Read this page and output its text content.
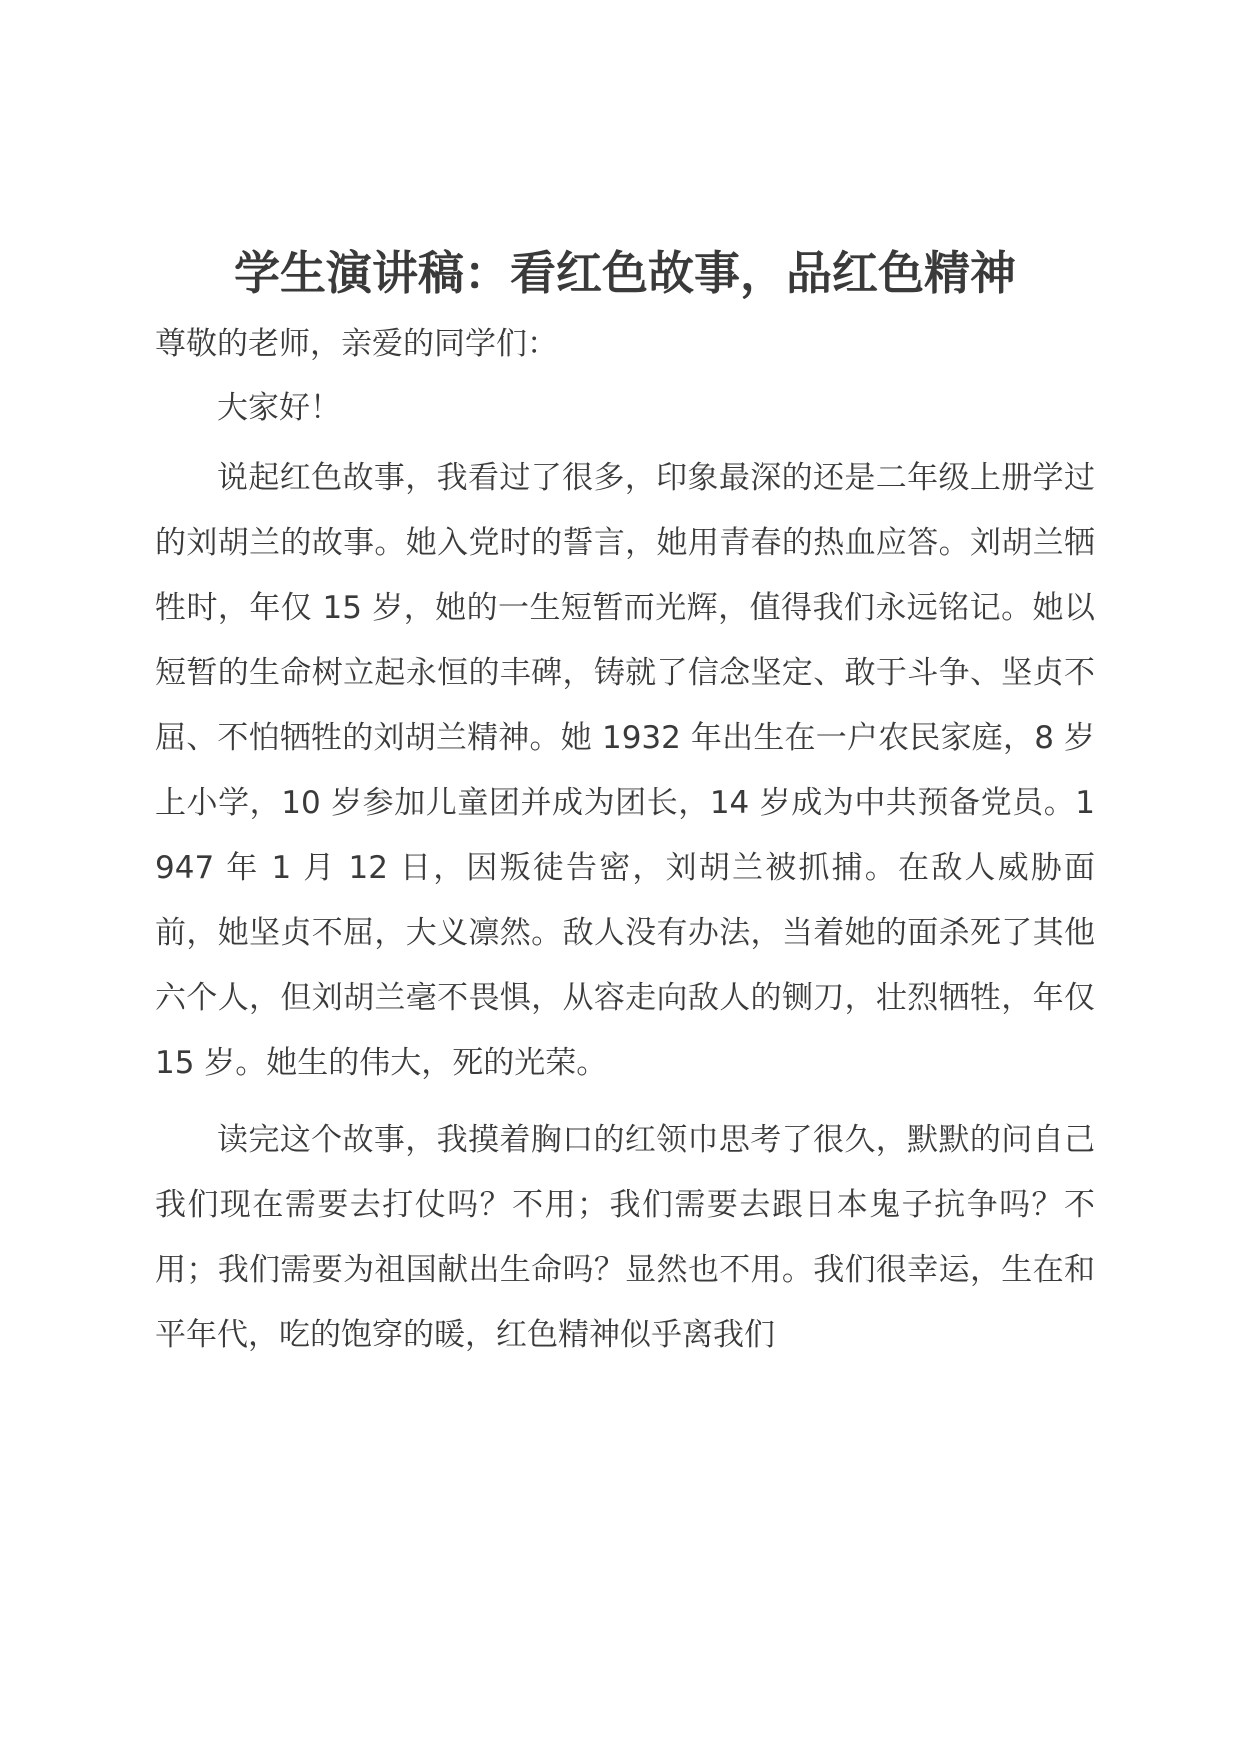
学生演讲稿：看红色故事，品红色精神

尊敬的老师，亲爱的同学们：

大家好！

说起红色故事，我看过了很多，印象最深的还是二年级上册学过的刘胡兰的故事。她入党时的誓言，她用青春的热血应答。刘胡兰牺牲时，年仅 15 岁，她的一生短暂而光辉，值得我们永远铭记。她以短暂的生命树立起永恒的丰碑，铸就了信念坚定、敢于斗争、坚贞不屈、不怕牺牲的刘胡兰精神。她 1932 年出生在一户农民家庭，8 岁上小学，10 岁参加儿童团并成为团长，14 岁成为中共预备党员。1947 年 1 月 12 日，因叛徒告密，刘胡兰被抓捕。在敌人威胁面前，她坚贞不屈，大义凛然。敌人没有办法，当着她的面杀死了其他六个人，但刘胡兰毫不畏惧，从容走向敌人的铡刀，壮烈牺牲，年仅 15 岁。她生的伟大，死的光荣。

读完这个故事，我摸着胸口的红领巾思考了很久，默默的问自己我们现在需要去打仗吗？不用；我们需要去跟日本鬼子抗争吗？不用；我们需要为祖国献出生命吗？显然也不用。我们很幸运，生在和平年代，吃的饱穿的暖，红色精神似乎离我们
